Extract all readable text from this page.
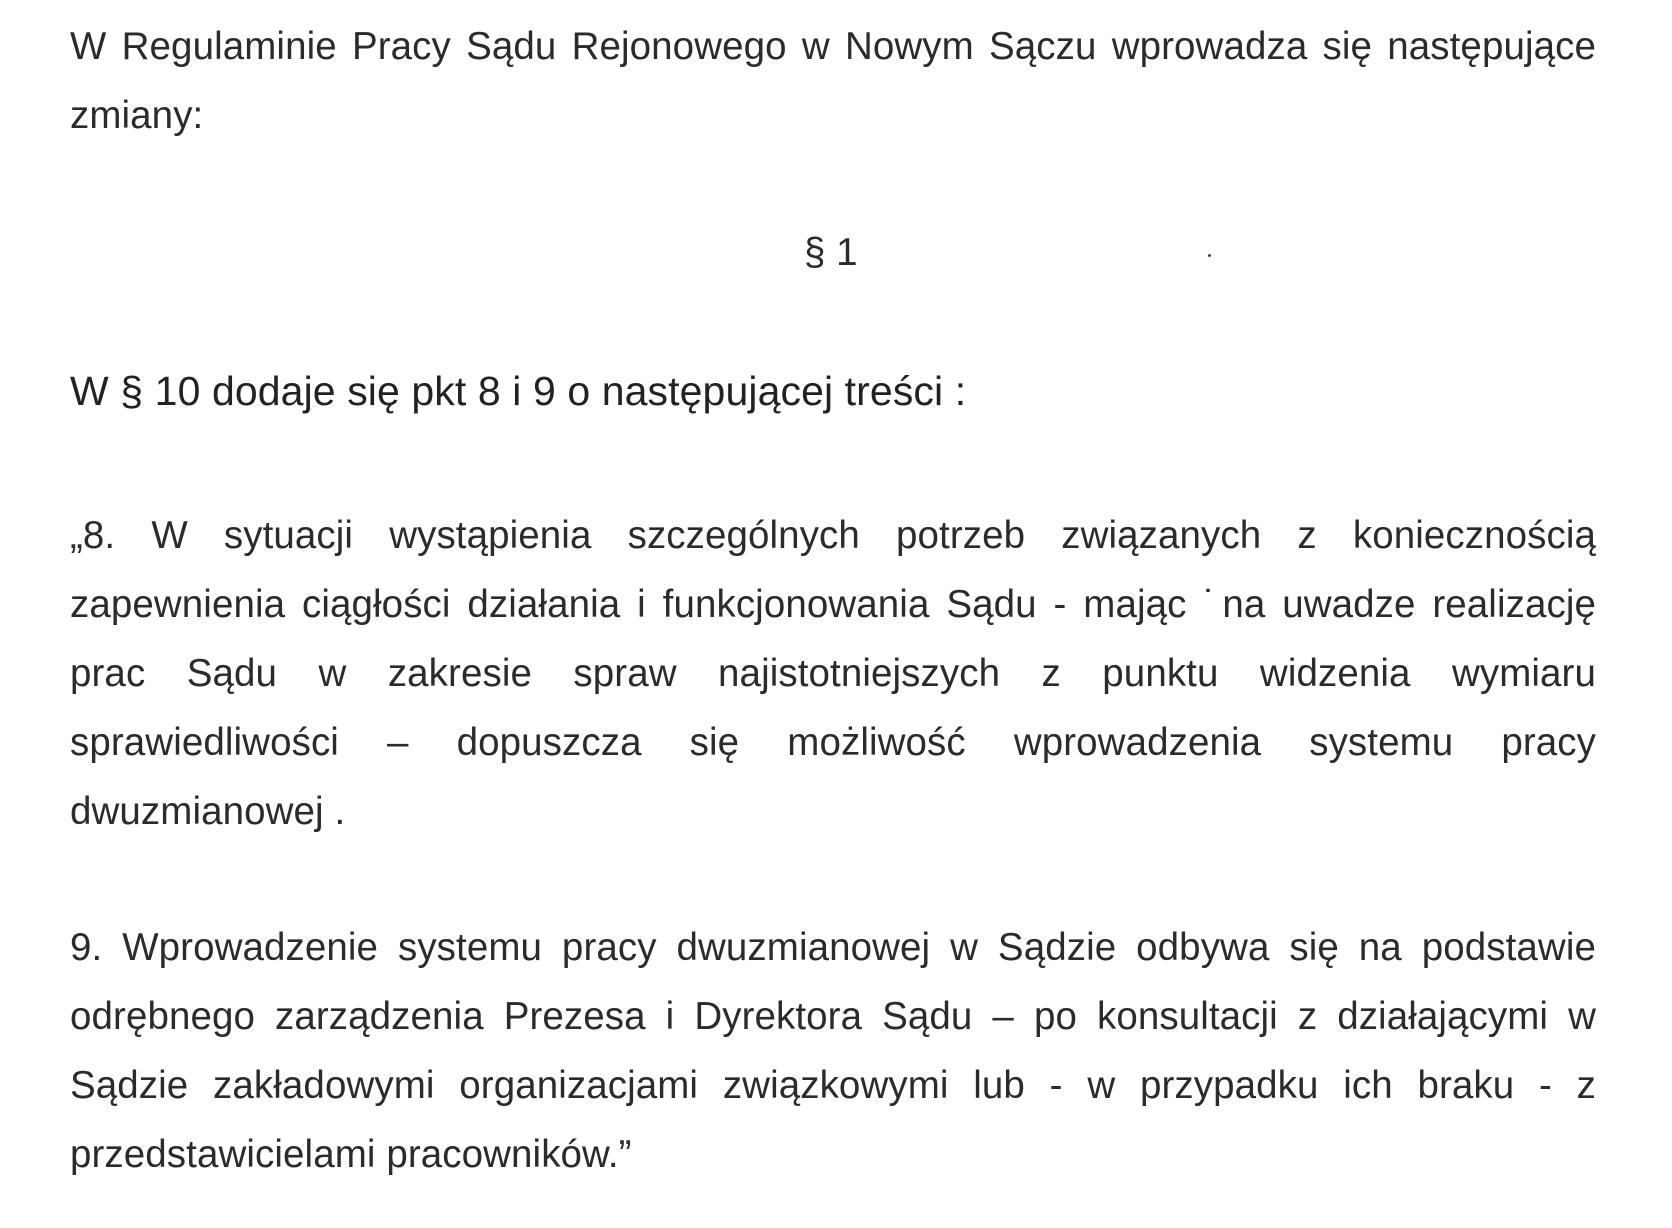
W Regulaminie Pracy Sądu Rejonowego w Nowym Sączu wprowadza się następujące zmiany:

§ 1

W § 10 dodaje się pkt 8 i 9 o następującej treści :

„8. W sytuacji wystąpienia szczególnych potrzeb związanych z koniecznością zapewnienia ciągłości działania i funkcjonowania Sądu - mając ˙na uwadze realizację prac Sądu w zakresie spraw najistotniejszych z punktu widzenia wymiaru sprawiedliwości – dopuszcza się możliwość wprowadzenia systemu pracy dwuzmianowej .

9. Wprowadzenie systemu pracy dwuzmianowej w Sądzie odbywa się na podstawie odrębnego zarządzenia Prezesa i Dyrektora Sądu – po konsultacji z działającymi w Sądzie zakładowymi organizacjami związkowymi lub - w przypadku ich braku - z przedstawicielami pracowników.”
